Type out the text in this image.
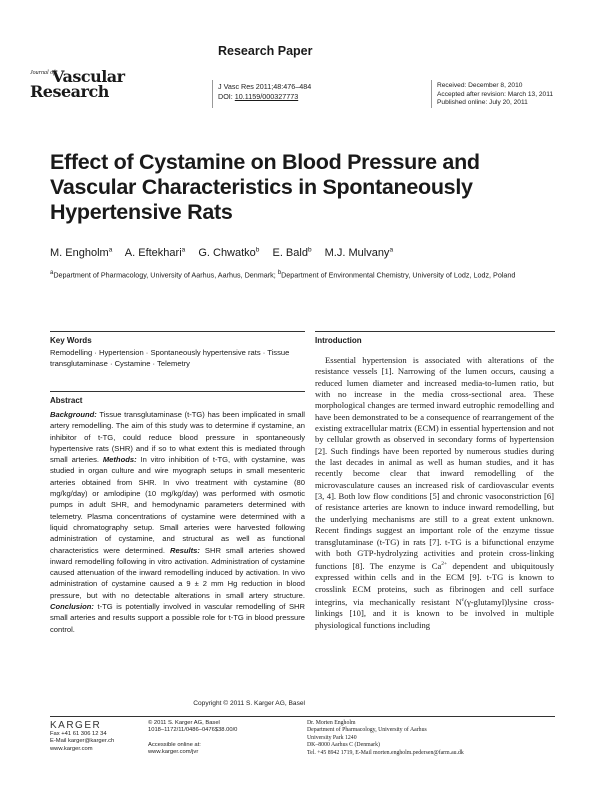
Journal of
Vascular
Research
Research Paper
J Vasc Res 2011;48:476–484
DOI: 10.1159/000327773
Received: December 8, 2010
Accepted after revision: March 13, 2011
Published online: July 20, 2011
Effect of Cystamine on Blood Pressure and Vascular Characteristics in Spontaneously Hypertensive Rats
M. Engholm$^a$ A. Eftekhari$^a$ G. Chwatko$^b$ E. Bald$^b$ M.J. Mulvany$^a$
$^a$Department of Pharmacology, University of Aarhus, Aarhus, Denmark; $^b$Department of Environmental Chemistry, University of Lodz, Lodz, Poland
Key Words
Remodelling · Hypertension · Spontaneously hypertensive rats · Tissue transglutaminase · Cystamine · Telemetry
Abstract
Background: Tissue transglutaminase (t-TG) has been implicated in small artery remodelling. The aim of this study was to determine if cystamine, an inhibitor of t-TG, could reduce blood pressure in spontaneously hypertensive rats (SHR) and if so to what extent this is mediated through small arteries. Methods: In vitro inhibition of t-TG, with cystamine, was studied in organ culture and wire myograph setups in small mesenteric arteries obtained from SHR. In vivo treatment with cystamine (80 mg/kg/day) or amlodipine (10 mg/kg/day) was performed with osmotic pumps in adult SHR, and hemodynamic parameters determined with telemetry. Plasma concentrations of cystamine were determined with a liquid chromatography setup. Small arteries were harvested following administration of cystamine, and structural as well as functional characteristics were determined. Results: SHR small arteries showed inward remodelling following in vitro activation. Administration of cystamine caused attenuation of the inward remodelling induced by activation. In vivo administration of cystamine caused a 9 ± 2 mm Hg reduction in blood pressure, but with no detectable alterations in small artery structure. Conclusion: t-TG is potentially involved in vascular remodelling of SHR small arteries and results support a possible role for t-TG in blood pressure control.
Copyright © 2011 S. Karger AG, Basel
Introduction

Essential hypertension is associated with alterations of the resistance vessels [1]. Narrowing of the lumen occurs, causing a reduced lumen diameter and increased media-to-lumen ratio, but with no increase in the media cross-sectional area. These morphological changes are termed inward eutrophic remodelling and have been demonstrated to be a consequence of rearrangement of the existing extracellular matrix (ECM) in essential hypertension and not by cellular growth as observed in secondary forms of hypertension [2]. Such findings have been reported by numerous studies during the last decades in animal as well as human studies, and it has recently become clear that inward remodelling of the microvasculature causes an increased risk of cardiovascular events [3, 4]. Both low flow conditions [5] and chronic vasoconstriction [6] of resistance arteries are known to induce inward remodelling, but the underlying mechanisms are still to a great extent unknown. Recent findings suggest an important role of the enzyme tissue transglutaminase (t-TG) in rats [7]. t-TG is a bifunctional enzyme with both GTP-hydrolyzing activities and protein cross-linking functions [8]. The enzyme is $Ca^{2+}$ dependent and ubiquitously expressed within cells and in the ECM [9]. t-TG is known to crosslink ECM proteins, such as fibrinogen and cell surface integrins, via mechanically resistant $N^\varepsilon(\gamma-glutamyl)lysine$ cross-linkings [10], and it is known to be involved in multiple physiological functions including

KARGER
Fax +41 61 306 12 34
E-Mail karger@karger.ch
www.karger.com
© 2011 S. Karger AG, Basel
1018–1172/11/0486–0476$38.00/0
Accessible online at:
www.karger.com/jvr
Dr. Morten Engholm
Department of Pharmacology, University of Aarhus
University Park 1240
DK–8000 Aarhus C (Denmark)
Tel. +45 8942 1719, E-Mail morten.engholm.pedersen@farm.au.dk
